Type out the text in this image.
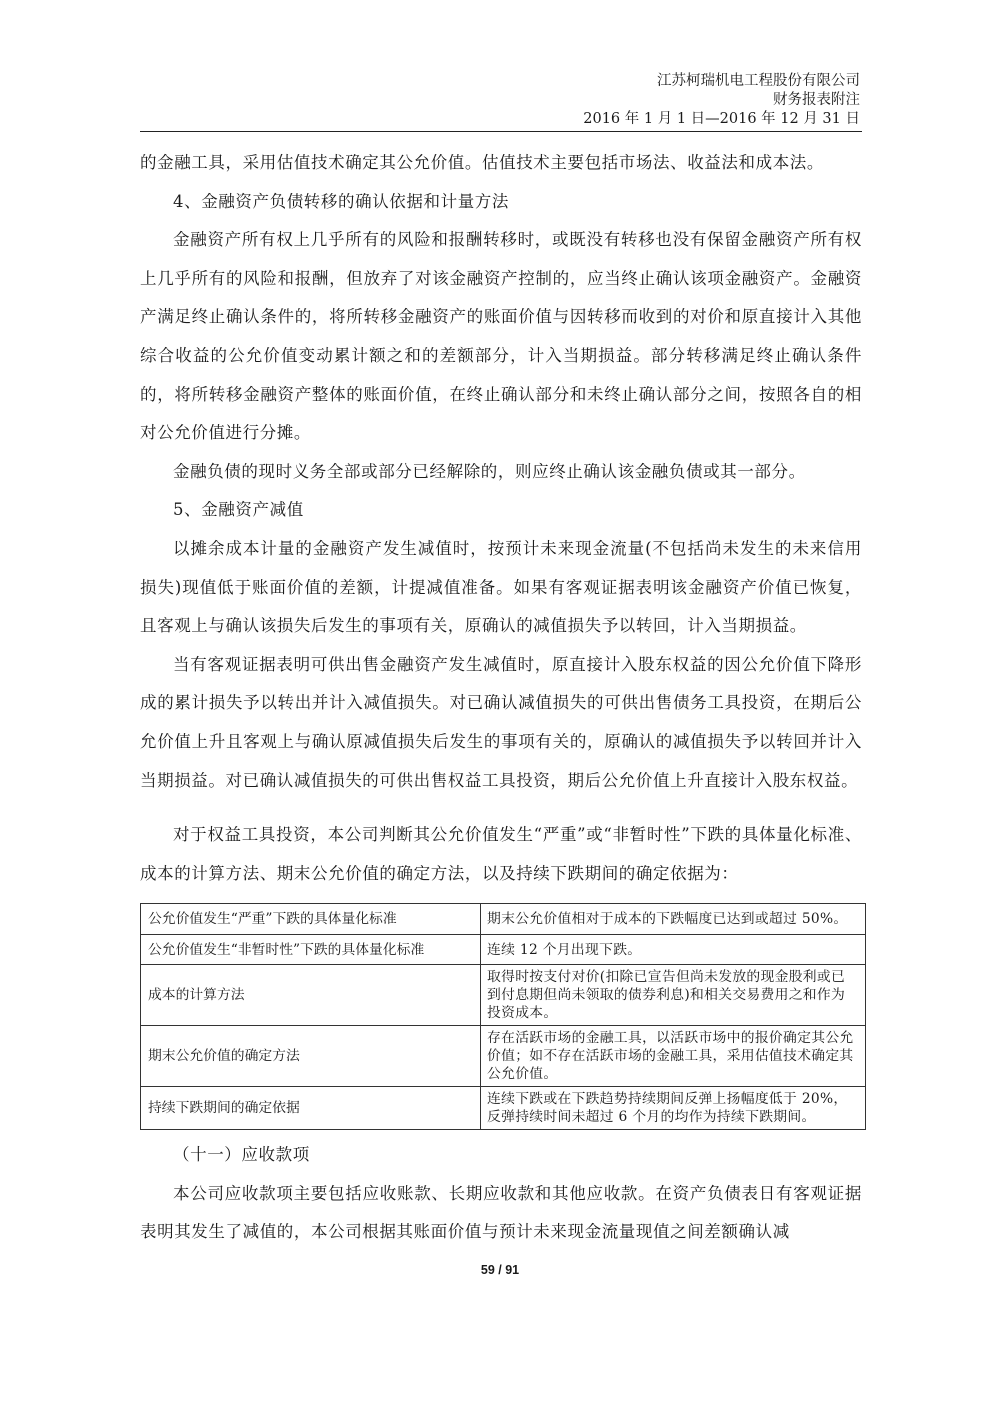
江苏柯瑞机电工程股份有限公司
财务报表附注
2016 年 1 月 1 日—2016 年 12 月 31 日

的金融工具，采用估值技术确定其公允价值。估值技术主要包括市场法、收益法和成本法。

4、金融资产负债转移的确认依据和计量方法

金融资产所有权上几乎所有的风险和报酬转移时，或既没有转移也没有保留金融资产所有权上几乎所有的风险和报酬，但放弃了对该金融资产控制的，应当终止确认该项金融资产。金融资产满足终止确认条件的，将所转移金融资产的账面价值与因转移而收到的对价和原直接计入其他综合收益的公允价值变动累计额之和的差额部分，计入当期损益。部分转移满足终止确认条件的，将所转移金融资产整体的账面价值，在终止确认部分和未终止确认部分之间，按照各自的相对公允价值进行分摊。

金融负债的现时义务全部或部分已经解除的，则应终止确认该金融负债或其一部分。

5、金融资产减值

以摊余成本计量的金融资产发生减值时，按预计未来现金流量(不包括尚未发生的未来信用损失)现值低于账面价值的差额，计提减值准备。如果有客观证据表明该金融资产价值已恢复，且客观上与确认该损失后发生的事项有关，原确认的减值损失予以转回，计入当期损益。

当有客观证据表明可供出售金融资产发生减值时，原直接计入股东权益的因公允价值下降形成的累计损失予以转出并计入减值损失。对已确认减值损失的可供出售债务工具投资，在期后公允价值上升且客观上与确认原减值损失后发生的事项有关的，原确认的减值损失予以转回并计入当期损益。对已确认减值损失的可供出售权益工具投资，期后公允价值上升直接计入股东权益。

对于权益工具投资，本公司判断其公允价值发生“严重”或“非暂时性”下跌的具体量化标准、成本的计算方法、期末公允价值的确定方法，以及持续下跌期间的确定依据为：

公允价值发生“严重”下跌的具体量化标准	期末公允价值相对于成本的下跌幅度已达到或超过 50%。
公允价值发生“非暂时性”下跌的具体量化标准	连续 12 个月出现下跌。
成本的计算方法	取得时按支付对价(扣除已宣告但尚未发放的现金股利或已到付息期但尚未领取的债券利息)和相关交易费用之和作为投资成本。
期末公允价值的确定方法	存在活跃市场的金融工具，以活跃市场中的报价确定其公允价值；如不存在活跃市场的金融工具，采用估值技术确定其公允价值。
持续下跌期间的确定依据	连续下跌或在下跌趋势持续期间反弹上扬幅度低于 20%，反弹持续时间未超过 6 个月的均作为持续下跌期间。

（十一）应收款项

本公司应收款项主要包括应收账款、长期应收款和其他应收款。在资产负债表日有客观证据表明其发生了减值的，本公司根据其账面价值与预计未来现金流量现值之间差额确认减

59 / 91
